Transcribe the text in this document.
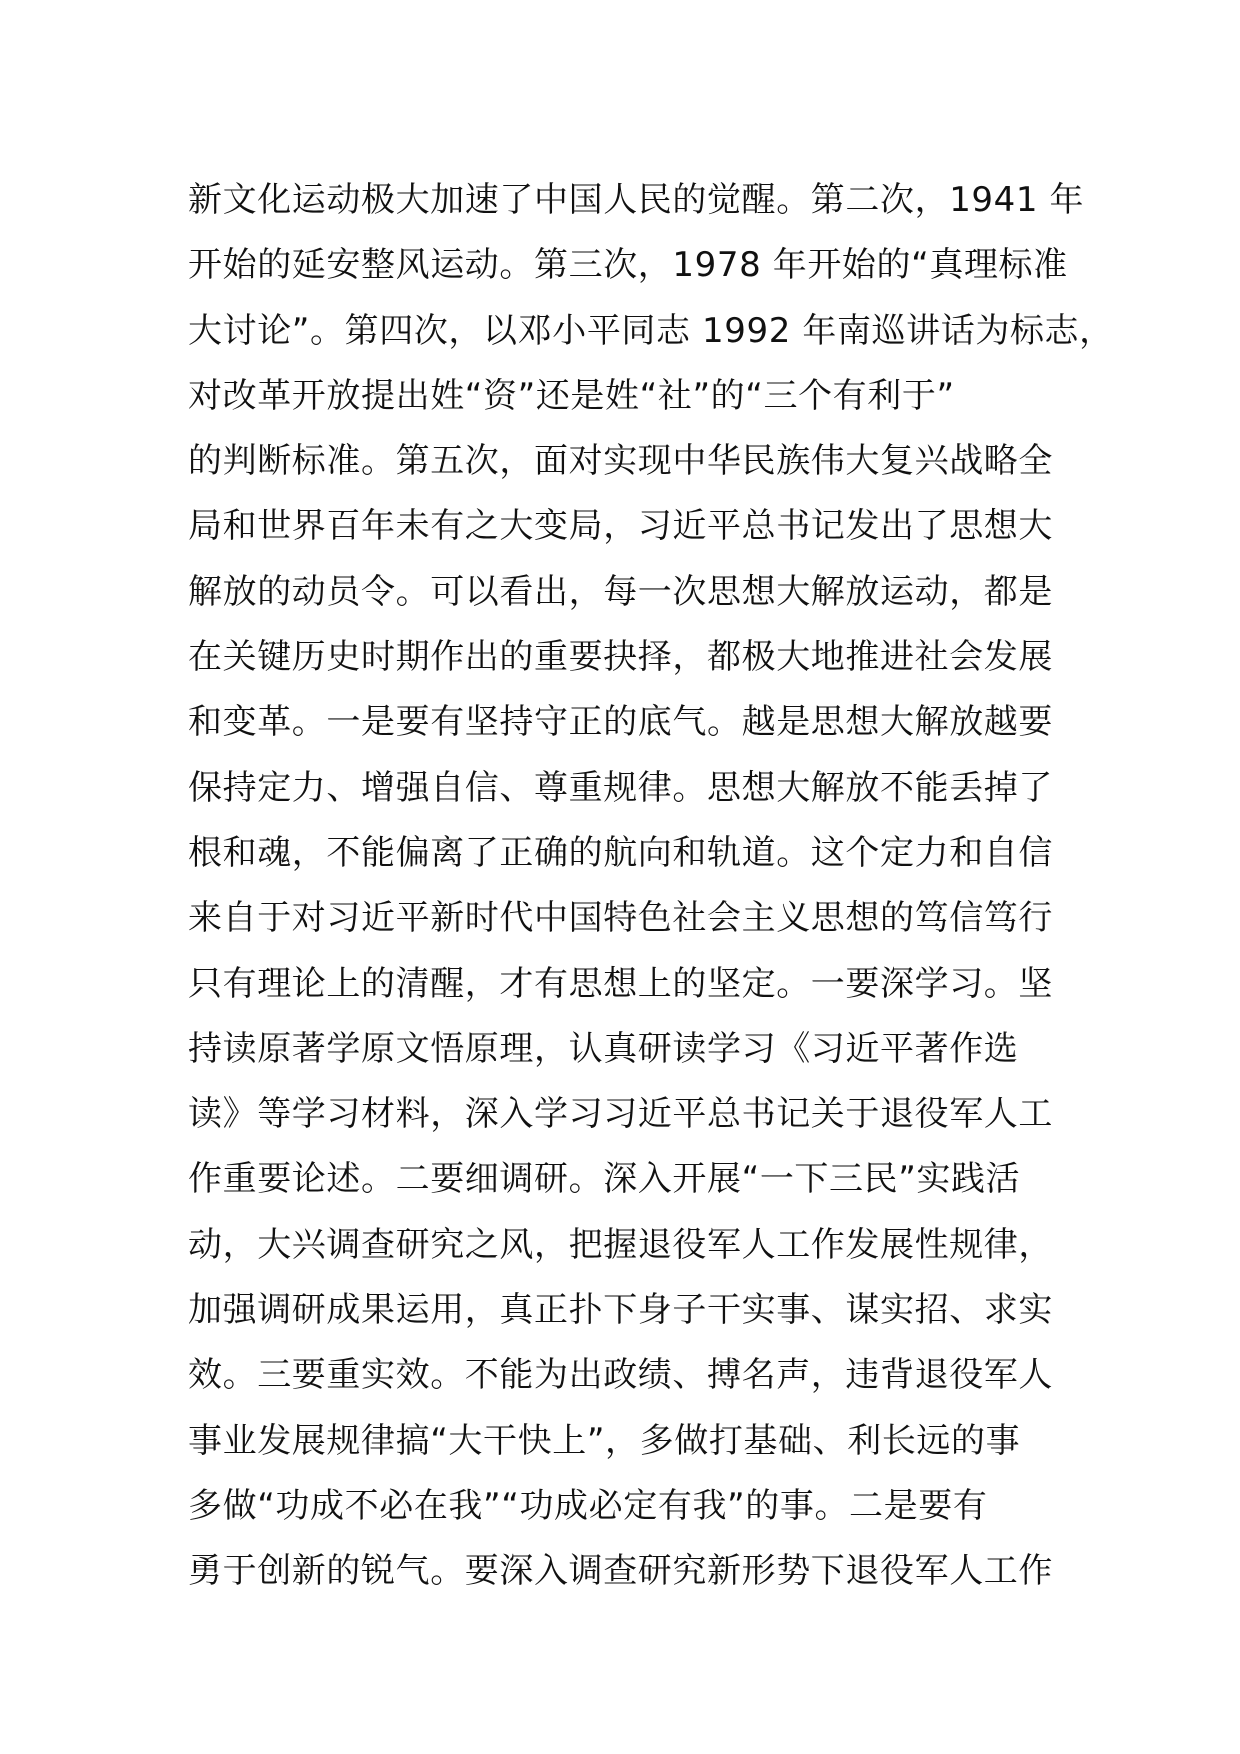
新文化运动极大加速了中国人民的觉醒。第二次，1941 年
开始的延安整风运动。第三次，1978 年开始的“真理标准
大讨论”。第四次，以邓小平同志 1992 年南巡讲话为标志，
对改革开放提出姓“资”还是姓“社”的“三个有利于”
的判断标准。第五次，面对实现中华民族伟大复兴战略全
局和世界百年未有之大变局，习近平总书记发出了思想大
解放的动员令。可以看出，每一次思想大解放运动，都是
在关键历史时期作出的重要抉择，都极大地推进社会发展
和变革。一是要有坚持守正的底气。越是思想大解放越要
保持定力、增强自信、尊重规律。思想大解放不能丢掉了
根和魂，不能偏离了正确的航向和轨道。这个定力和自信
来自于对习近平新时代中国特色社会主义思想的笃信笃行
只有理论上的清醒，才有思想上的坚定。一要深学习。坚
持读原著学原文悟原理，认真研读学习《习近平著作选
读》等学习材料，深入学习习近平总书记关于退役军人工
作重要论述。二要细调研。深入开展“一下三民”实践活
动，大兴调查研究之风，把握退役军人工作发展性规律，
加强调研成果运用，真正扑下身子干实事、谋实招、求实
效。三要重实效。不能为出政绩、搏名声，违背退役军人
事业发展规律搞“大干快上”，多做打基础、利长远的事
多做“功成不必在我”“功成必定有我”的事。二是要有
勇于创新的锐气。要深入调查研究新形势下退役军人工作
